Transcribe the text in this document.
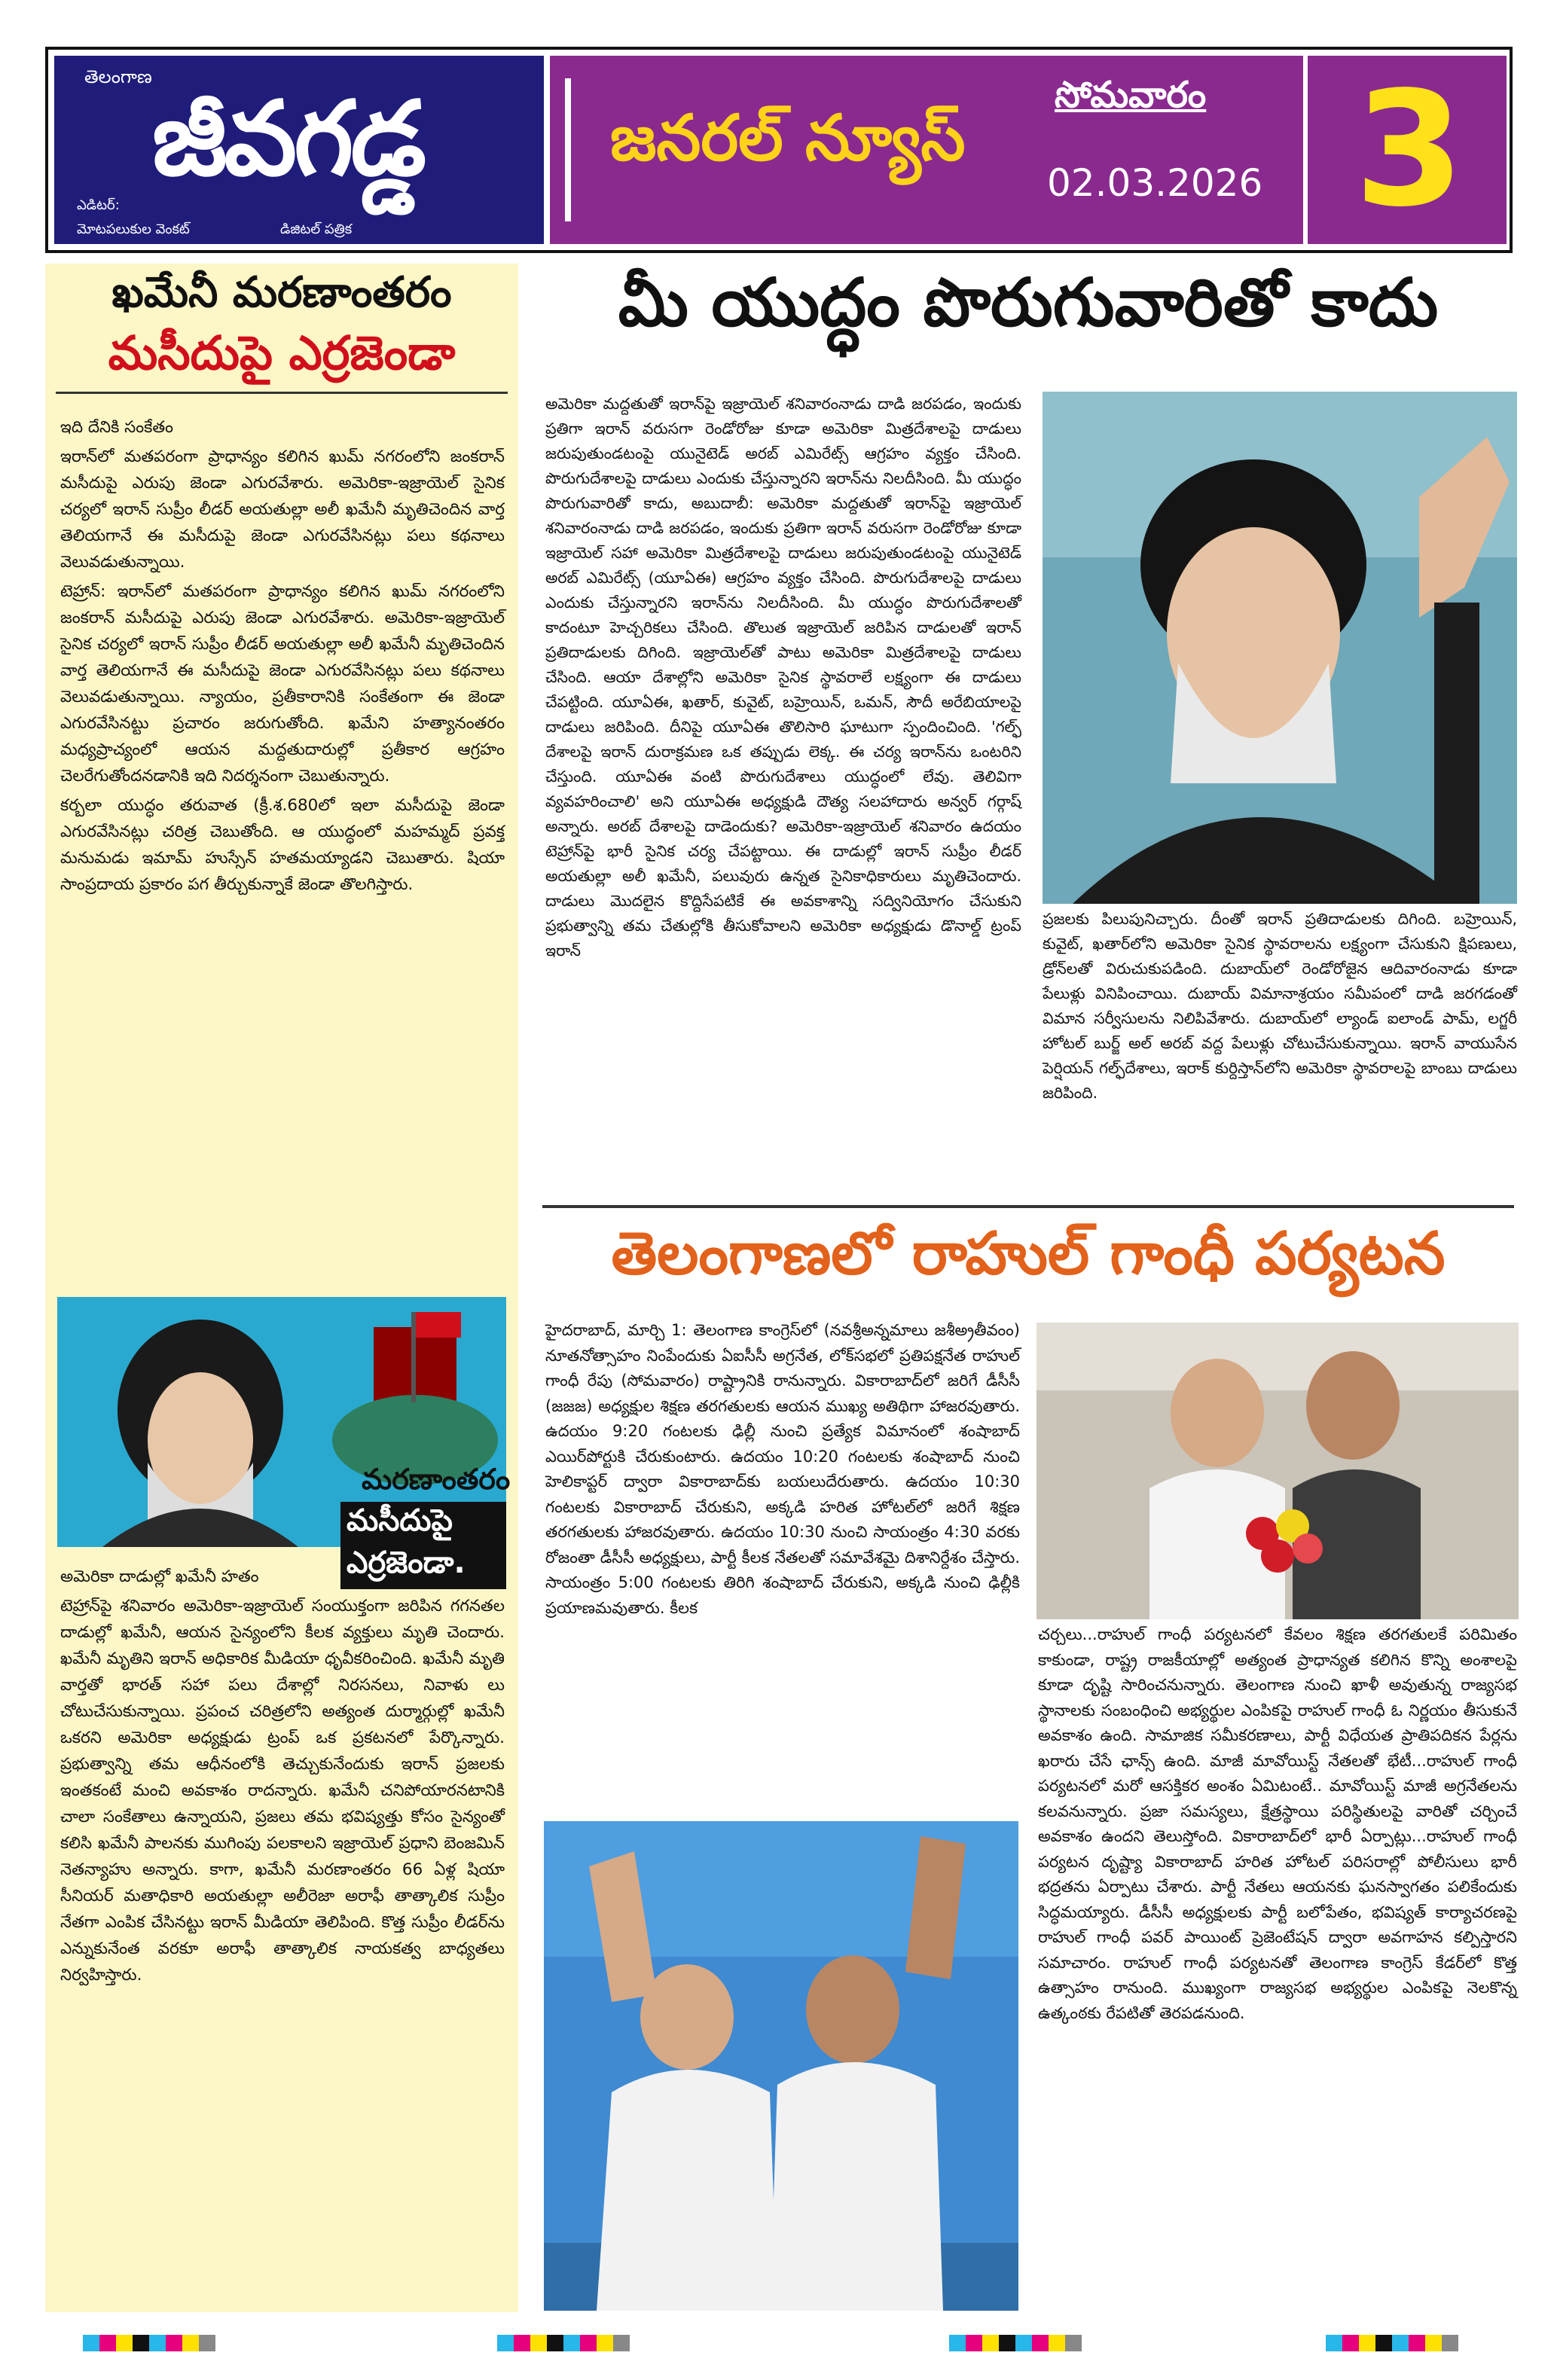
తెలంగాణ
జీవగడ్డ
ఎడిటర్:
మోటపలుకుల వెంకట్	డిజిటల్ పత్రిక
జనరల్ న్యూస్
సోమవారం
02.03.2026 3
ఖమేనీ మరణాంతరం
మసీదుపై ఎర్రజెండా

ఇది దేనికి సంకేతం

ఇరాన్‌లో మతపరంగా ప్రాధాన్యం కలిగిన ఖుమ్ నగరంలోని జంకరాన్ మసీదుపై ఎరుపు జెండా ఎగురవేశారు. అమెరికా-ఇజ్రాయెల్ సైనిక చర్యలో ఇరాన్ సుప్రీం లీడర్ అయతుల్లా అలీ ఖమేనీ మృతిచెందిన వార్త తెలియగానే ఈ మసీదుపై జెండా ఎగురవేసినట్లు పలు కథనాలు వెలువడుతున్నాయి.

టెహ్రాన్: ఇరాన్‌లో మతపరంగా ప్రాధాన్యం కలిగిన ఖుమ్ నగరంలోని జంకరాన్ మసీదుపై ఎరుపు జెండా ఎగురవేశారు. అమెరికా-ఇజ్రాయెల్ సైనిక చర్యలో ఇరాన్ సుప్రీం లీడర్ అయతుల్లా అలీ ఖమేనీ మృతిచెందిన వార్త తెలియగానే ఈ మసీదుపై జెండా ఎగురవేసినట్లు పలు కథనాలు వెలువడుతున్నాయి. న్యాయం, ప్రతీకారానికి సంకేతంగా ఈ జెండా ఎగురవేసినట్టు ప్రచారం జరుగుతోంది. ఖమేని హత్యానంతరం మధ్యప్రాచ్యంలో ఆయన మద్దతుదారుల్లో ప్రతీకార ఆగ్రహం చెలరేగుతోందనడానికి ఇది నిదర్శనంగా చెబుతున్నారు.

కర్బలా యుద్ధం తరువాత (క్రీ.శ.680లో ఇలా మసీదుపై జెండా ఎగురవేసినట్లు చరిత్ర చెబుతోంది. ఆ యుద్ధంలో మహమ్మద్ ప్రవక్త మనుమడు ఇమామ్ హుస్సేన్ హతమయ్యాడని చెబుతారు. షియా సాంప్రదాయ ప్రకారం పగ తీర్చుకున్నాకే జెండా తొలగిస్తారు.

మరణాంతరం
మసీదుపై ఎర్రజెండా.

అమెరికా దాడుల్లో ఖమేనీ హతం

టెహ్రాన్‌పై శనివారం అమెరికా-ఇజ్రాయెల్ సంయుక్తంగా జరిపిన గగనతల దాడుల్లో ఖమేనీ, ఆయన సైన్యంలోని కీలక వ్యక్తులు మృతి చెందారు. ఖమేనీ మృతిని ఇరాన్ అధికారిక మీడియా ధృవీకరించింది. ఖమేనీ మృతి వార్తతో భారత్ సహా పలు దేశాల్లో నిరసనలు, నివాళు లు చోటుచేసుకున్నాయి. ప్రపంచ చరిత్రలోని అత్యంత దుర్మార్గుల్లో ఖమేనీ ఒకరని అమెరికా అధ్యక్షుడు ట్రంప్ ఒక ప్రకటనలో పేర్కొన్నారు. ప్రభుత్వాన్ని తమ ఆధీనంలోకి తెచ్చుకునేందుకు ఇరాన్ ప్రజలకు ఇంతకంటే మంచి అవకాశం రాదన్నారు. ఖమేనీ చనిపోయారనటానికి చాలా సంకేతాలు ఉన్నాయని, ప్రజలు తమ భవిష్యత్తు కోసం సైన్యంతో కలిసి ఖమేనీ పాలనకు ముగింపు పలకాలని ఇజ్రాయెల్ ప్రధాని బెంజమిన్ నెతన్యాహు అన్నారు. కాగా, ఖమేనీ మరణాంతరం 66 ఏళ్ల షియా సీనియర్ మతాధికారి అయతుల్లా అలీరెజా అరాఫీ తాత్కాలిక సుప్రీం నేతగా ఎంపిక చేసినట్టు ఇరాన్ మీడియా తెలిపింది. కొత్త సుప్రీం లీడర్‌ను ఎన్నుకునేంత వరకూ అరాఫీ తాత్కాలిక నాయకత్వ బాధ్యతలు నిర్వహిస్తారు.

మీ యుద్ధం పొరుగువారితో కాదు
అమెరికా మద్దతుతో ఇరాన్‌పై ఇజ్రాయెల్ శనివారంనాడు దాడి జరపడం, ఇందుకు ప్రతిగా ఇరాన్ వరుసగా రెండోరోజు కూడా అమెరికా మిత్రదేశాలపై దాడులు జరుపుతుండటంపై యునైటెడ్ అరబ్ ఎమిరేట్స్ ఆగ్రహం వ్యక్తం చేసింది. పొరుగుదేశాలపై దాడులు ఎందుకు చేస్తున్నారని ఇరాన్‌ను నిలదీసింది. మీ యుద్ధం పొరుగువారితో కాదు, అబుదాబీ: అమెరికా మద్దతుతో ఇరాన్‌పై ఇజ్రాయెల్ శనివారంనాడు దాడి జరపడం, ఇందుకు ప్రతిగా ఇరాన్ వరుసగా రెండోరోజు కూడా ఇజ్రాయెల్ సహా అమెరికా మిత్రదేశాలపై దాడులు జరుపుతుండటంపై యునైటెడ్ అరబ్ ఎమిరేట్స్ (యూఏఈ) ఆగ్రహం వ్యక్తం చేసింది. పొరుగుదేశాలపై దాడులు ఎందుకు చేస్తున్నారని ఇరాన్‌ను నిలదీసింది. మీ యుద్ధం పొరుగుదేశాలతో కాదంటూ హెచ్చరికలు చేసింది. తొలుత ఇజ్రాయెల్ జరిపిన దాడులతో ఇరాన్ ప్రతిదాడులకు దిగింది. ఇజ్రాయెల్‌తో పాటు అమెరికా మిత్రదేశాలపై దాడులు చేసింది. ఆయా దేశాల్లోని అమెరికా సైనిక స్థావరాలే లక్ష్యంగా ఈ దాడులు చేపట్టింది. యూఏఈ, ఖతార్, కువైట్, బహ్రెయిన్, ఒమన్, సౌదీ అరేబియాలపై దాడులు జరిపింది. దీనిపై యూఏఈ తొలిసారి ఘాటుగా స్పందించింది. 'గల్ఫ్ దేశాలపై ఇరాన్ దురాక్రమణ ఒక తప్పుడు లెక్క. ఈ చర్య ఇరాన్‌ను ఒంటరిని చేస్తుంది. యూఏఈ వంటి పొరుగుదేశాలు యుద్ధంలో లేవు. తెలివిగా వ్యవహరించాలి' అని యూఏఈ అధ్యక్షుడి దౌత్య సలహాదారు అన్వర్ గర్గాష్ అన్నారు. అరబ్ దేశాలపై దాడెందుకు? అమెరికా-ఇజ్రాయెల్ శనివారం ఉదయం టెహ్రాన్‌పై భారీ సైనిక చర్య చేపట్టాయి. ఈ దాడుల్లో ఇరాన్ సుప్రీం లీడర్ అయతుల్లా అలీ ఖమేనీ, పలువురు ఉన్నత సైనికాధికారులు మృతిచెందారు. దాడులు మొదలైన కొద్దిసేపటికే ఈ అవకాశాన్ని సద్వినియోగం చేసుకుని ప్రభుత్వాన్ని తమ చేతుల్లోకి తీసుకోవాలని అమెరికా అధ్యక్షుడు డొనాల్డ్ ట్రంప్ ఇరాన్
ప్రజలకు పిలుపునిచ్చారు. దీంతో ఇరాన్ ప్రతిదాడులకు దిగింది. బహ్రెయిన్, కువైట్, ఖతార్‌లోని అమెరికా సైనిక స్థావరాలను లక్ష్యంగా చేసుకుని క్షిపణులు, డ్రోన్‌లతో విరుచుకుపడింది. దుబాయ్‌లో రెండోరోజైన ఆదివారంనాడు కూడా పేలుళ్లు వినిపించాయి. దుబాయ్ విమానాశ్రయం సమీపంలో దాడి జరగడంతో విమాన సర్వీసులను నిలిపివేశారు. దుబాయ్‌లో ల్యాండ్ ఐలాండ్ పామ్, లగ్జరీ హోటల్ బుర్జ్ అల్ అరబ్ వద్ద పేలుళ్లు చోటుచేసుకున్నాయి. ఇరాన్ వాయుసేన పెర్షియన్ గల్ఫ్‌దేశాలు, ఇరాక్ కుర్దిస్తాన్‌లోని అమెరికా స్థావరాలపై బాంబు దాడులు జరిపింది.
తెలంగాణలో రాహుల్ గాంధీ పర్యటన
హైదరాబాద్, మార్చి 1: తెలంగాణ కాంగ్రెస్‌లో (నవశ్రీఅన్నమాలు జశీఅ్రతీవంం) నూతనోత్సాహం నింపేందుకు ఏఐసీసీ అగ్రనేత, లోక్‌సభలో ప్రతిపక్షనేత రాహుల్ గాంధీ రేపు (సోమవారం) రాష్ట్రానికి రానున్నారు. వికారాబాద్‌లో జరిగే డీసీసీ (జజజ) అధ్యక్షుల శిక్షణ తరగతులకు ఆయన ముఖ్య అతిథిగా హాజరవుతారు. ఉదయం 9:20 గంటలకు ఢిల్లీ నుంచి ప్రత్యేక విమానంలో శంషాబాద్ ఎయిర్‌పోర్టుకి చేరుకుంటారు. ఉదయం 10:20 గంటలకు శంషాబాద్ నుంచి హెలికాప్టర్ ద్వారా వికారాబాద్‌కు బయలుదేరుతారు. ఉదయం 10:30 గంటలకు వికారాబాద్ చేరుకుని, అక్కడి హరిత హోటల్‌లో జరిగే శిక్షణ తరగతులకు హాజరవుతారు. ఉదయం 10:30 నుంచి సాయంత్రం 4:30 వరకు రోజంతా డీసీసీ అధ్యక్షులు, పార్టీ కీలక నేతలతో సమావేశమై దిశానిర్దేశం చేస్తారు. సాయంత్రం 5:00 గంటలకు తిరిగి శంషాబాద్ చేరుకుని, అక్కడి నుంచి ఢిల్లీకి ప్రయాణమవుతారు. కీలక
చర్చలు...రాహుల్ గాంధీ పర్యటనలో కేవలం శిక్షణ తరగతులకే పరిమితం కాకుండా, రాష్ట్ర రాజకీయాల్లో అత్యంత ప్రాధాన్యత కలిగిన కొన్ని అంశాలపై కూడా దృష్టి సారించనున్నారు. తెలంగాణ నుంచి ఖాళీ అవుతున్న రాజ్యసభ స్థానాలకు సంబంధించి అభ్యర్థుల ఎంపికపై రాహుల్ గాంధీ ఓ నిర్ణయం తీసుకునే అవకాశం ఉంది. సామాజిక సమీకరణాలు, పార్టీ విధేయత ప్రాతిపదికన పేర్లను ఖరారు చేసే ఛాన్స్ ఉంది. మాజీ మావోయిస్ట్ నేతలతో భేటీ...రాహుల్ గాంధీ పర్యటనలో మరో ఆసక్తికర అంశం ఏమిటంటే.. మావోయిస్ట్ మాజీ అగ్రనేతలను కలవనున్నారు. ప్రజా సమస్యలు, క్షేత్రస్థాయి పరిస్థితులపై వారితో చర్చించే అవకాశం ఉందని తెలుస్తోంది. వికారాబాద్‌లో భారీ ఏర్పాట్లు...రాహుల్ గాంధీ పర్యటన దృష్ట్యా వికారాబాద్ హరిత హోటల్ పరిసరాల్లో పోలీసులు భారీ భద్రతను ఏర్పాటు చేశారు. పార్టీ నేతలు ఆయనకు ఘనస్వాగతం పలికేందుకు సిద్ధమయ్యారు. డీసీసీ అధ్యక్షులకు పార్టీ బలోపేతం, భవిష్యత్ కార్యాచరణపై రాహుల్ గాంధీ పవర్ పాయింట్ ప్రెజెంటేషన్ ద్వారా అవగాహన కల్పిస్తారని సమాచారం. రాహుల్ గాంధీ పర్యటనతో తెలంగాణ కాంగ్రెస్ కేడర్‌లో కొత్త ఉత్సాహం రానుంది. ముఖ్యంగా రాజ్యసభ అభ్యర్థుల ఎంపికపై నెలకొన్న ఉత్కంఠకు రేపటితో తెరపడనుంది.
